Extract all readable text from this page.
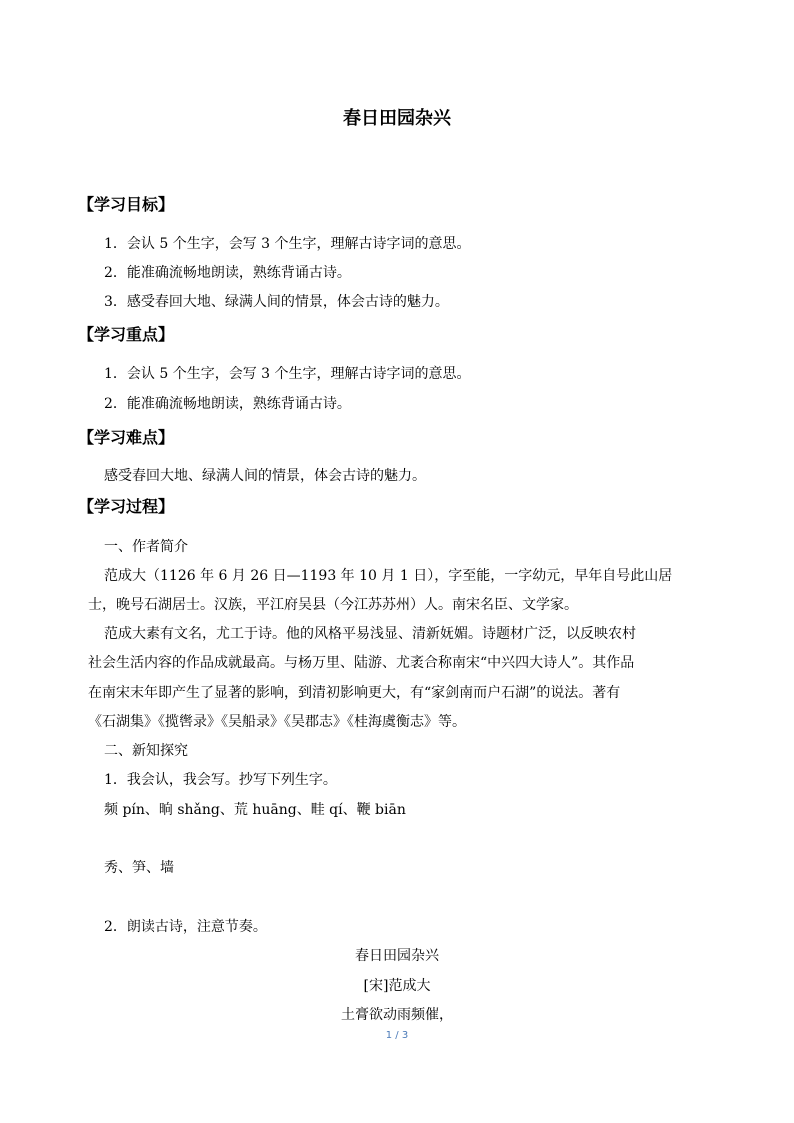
春日田园杂兴
【学习目标】
1．会认 5 个生字，会写 3 个生字，理解古诗字词的意思。
2．能准确流畅地朗读，熟练背诵古诗。
3．感受春回大地、绿满人间的情景，体会古诗的魅力。
【学习重点】
1．会认 5 个生字，会写 3 个生字，理解古诗字词的意思。
2．能准确流畅地朗读，熟练背诵古诗。
【学习难点】
感受春回大地、绿满人间的情景，体会古诗的魅力。
【学习过程】
一、作者简介
范成大（1126 年 6 月 26 日—1193 年 10 月 1 日），字至能，一字幼元，早年自号此山居
士，晚号石湖居士。汉族，平江府吴县（今江苏苏州）人。南宋名臣、文学家。
范成大素有文名，尤工于诗。他的风格平易浅显、清新妩媚。诗题材广泛，以反映农村
社会生活内容的作品成就最高。与杨万里、陆游、尤袤合称南宋“中兴四大诗人”。其作品
在南宋末年即产生了显著的影响，到清初影响更大，有“家剑南而户石湖”的说法。著有
《石湖集》《揽辔录》《吴船录》《吴郡志》《桂海虞衡志》等。
二、新知探究
1．我会认，我会写。抄写下列生字。
频 pín、晌 shǎng、荒 huāng、畦 qí、鞭 biān
秀、笋、墙
2．朗读古诗，注意节奏。
春日田园杂兴
[宋]范成大
土膏欲动雨频催，
1 / 3
